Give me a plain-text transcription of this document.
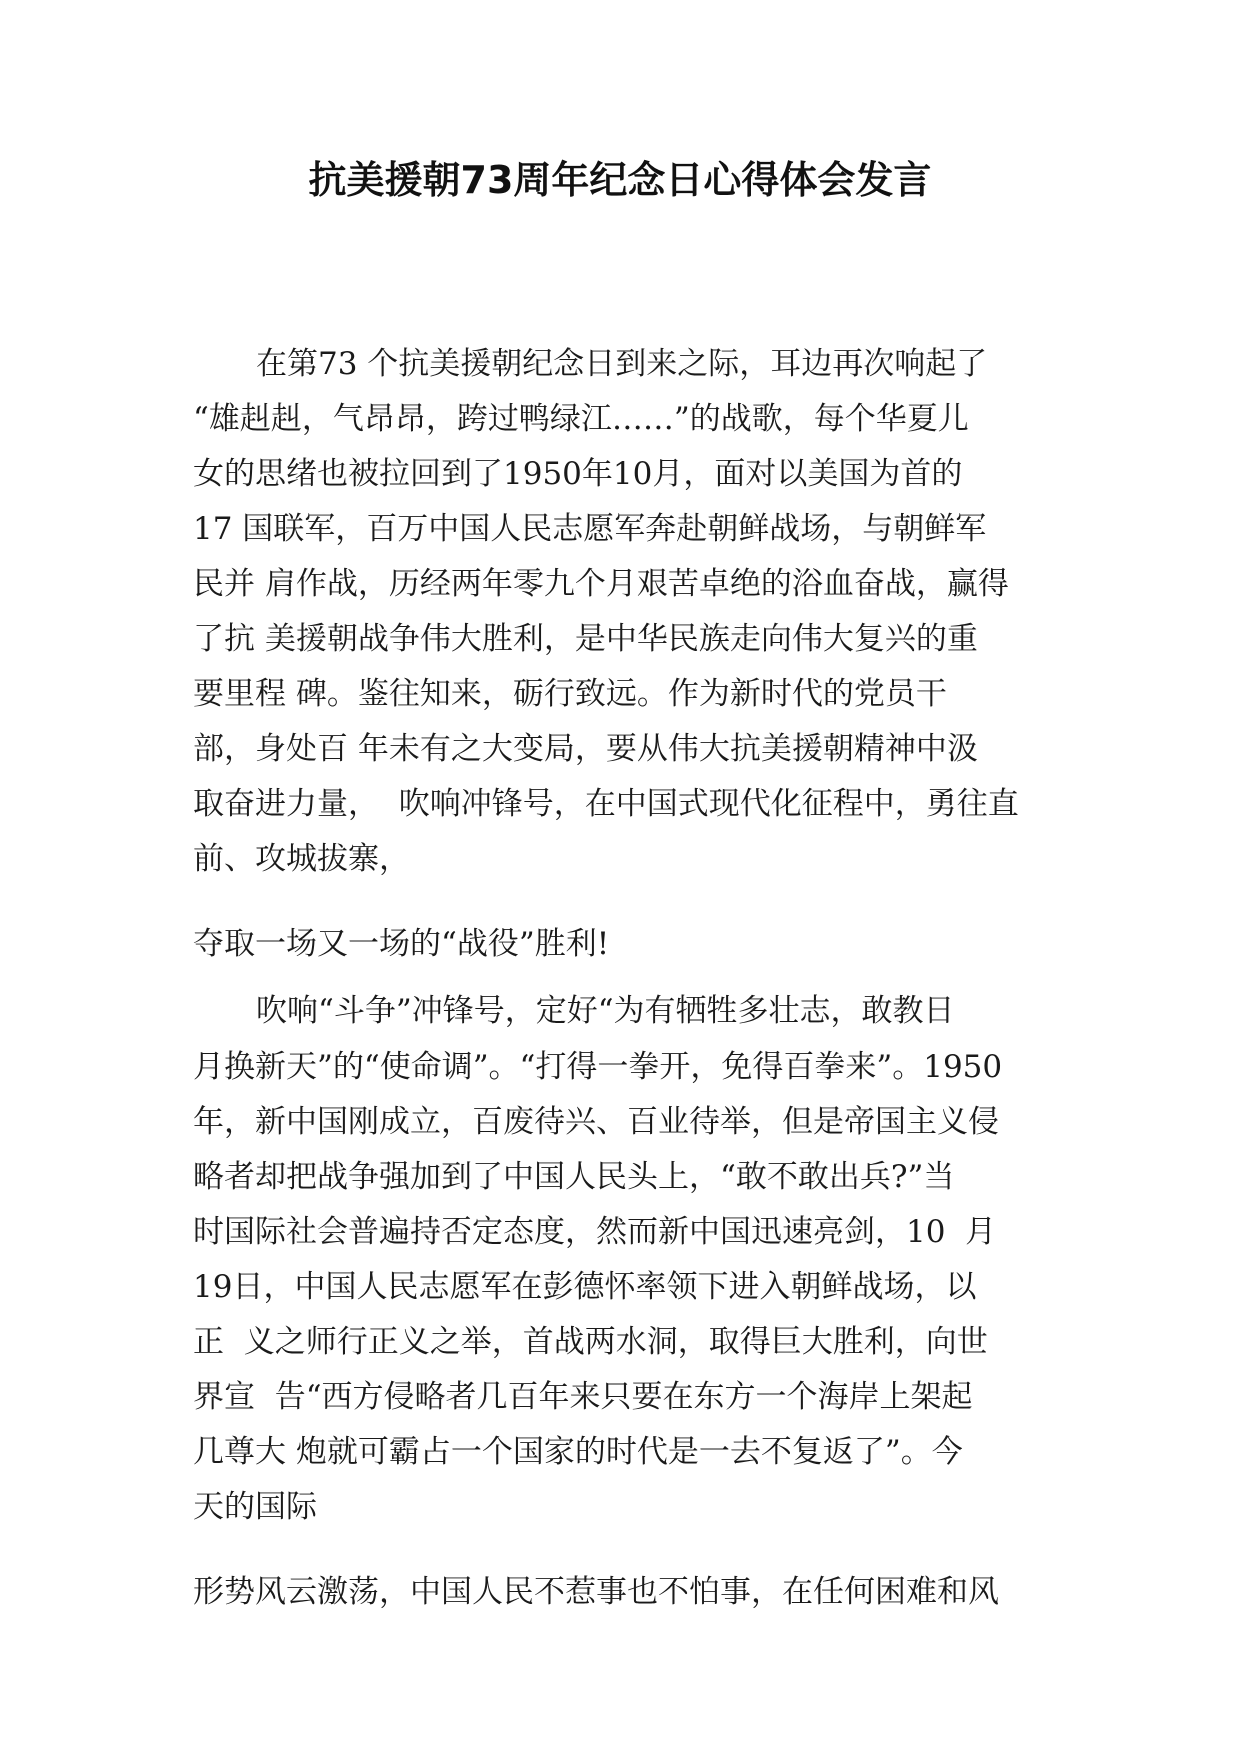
抗美援朝73周年纪念日心得体会发言

在第73 个抗美援朝纪念日到来之际，耳边再次响起了

“雄赳赳，气昂昂，跨过鸭绿江……”的战歌，每个华夏儿

女的思绪也被拉回到了1950年10月，面对以美国为首的

17 国联军，百万中国人民志愿军奔赴朝鲜战场，与朝鲜军

民并 肩作战，历经两年零九个月艰苦卓绝的浴血奋战，赢得

了抗 美援朝战争伟大胜利，是中华民族走向伟大复兴的重

要里程 碑。鉴往知来，砺行致远。作为新时代的党员干

部，身处百 年未有之大变局，要从伟大抗美援朝精神中汲

取奋进力量，  吹响冲锋号，在中国式现代化征程中，勇往直

前、攻城拔寨，

夺取一场又一场的“战役”胜利!

吹响“斗争”冲锋号，定好“为有牺牲多壮志，敢教日

月换新天”的“使命调”。“打得一拳开，免得百拳来”。1950

年，新中国刚成立，百废待兴、百业待举，但是帝国主义侵

略者却把战争强加到了中国人民头上，“敢不敢出兵?”当

时国际社会普遍持否定态度，然而新中国迅速亮剑，10  月

19日，中国人民志愿军在彭德怀率领下进入朝鲜战场，以

正  义之师行正义之举，首战两水洞，取得巨大胜利，向世

界宣  告“西方侵略者几百年来只要在东方一个海岸上架起

几尊大 炮就可霸占一个国家的时代是一去不复返了”。今

天的国际

形势风云激荡，中国人民不惹事也不怕事，在任何困难和风
